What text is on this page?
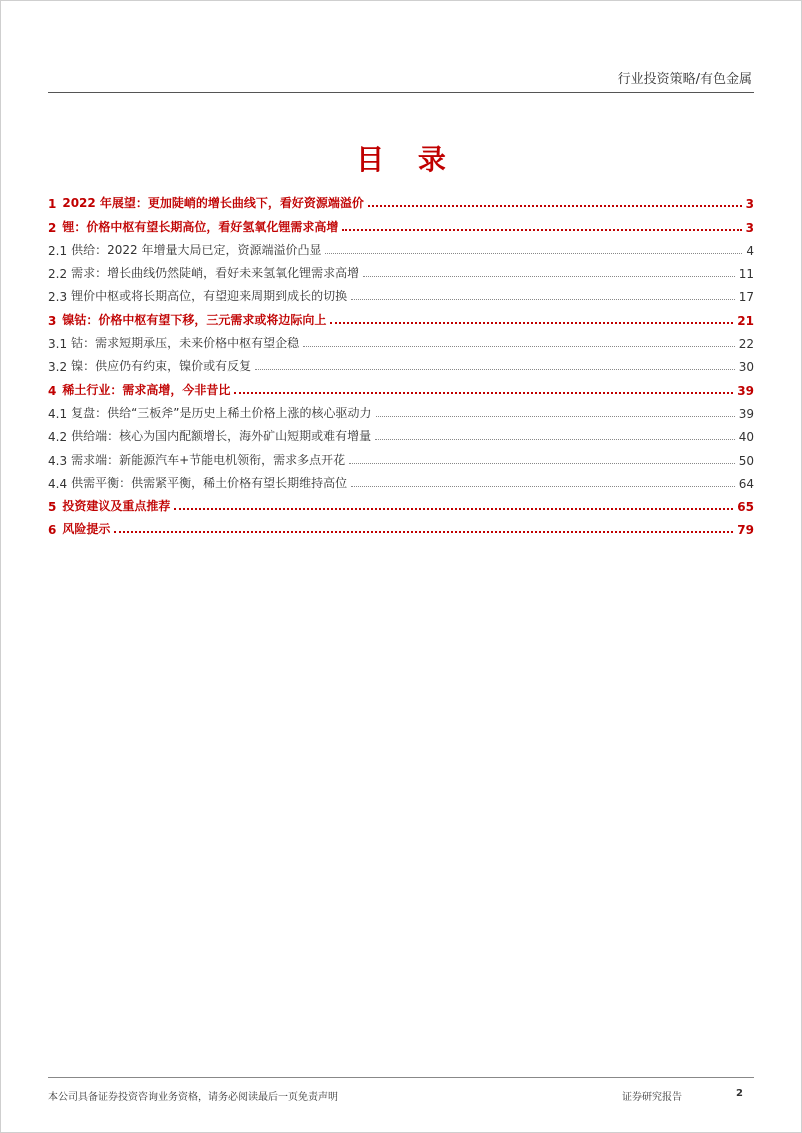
行业投资策略/有色金属
目 录
1 2022 年展望：更加陡峭的增长曲线下，看好资源端溢价	3
2 锂：价格中枢有望长期高位，看好氢氧化锂需求高增	3
2.1 供给：2022 年增量大局已定，资源端溢价凸显	4
2.2 需求：增长曲线仍然陡峭，看好未来氢氧化锂需求高增	11
2.3 锂价中枢或将长期高位，有望迎来周期到成长的切换	17
3 镍钴：价格中枢有望下移，三元需求或将边际向上	21
3.1 钴：需求短期承压，未来价格中枢有望企稳	22
3.2 镍：供应仍有约束，镍价或有反复	30
4 稀土行业：需求高增，今非昔比	39
4.1 复盘：供给“三板斧”是历史上稀土价格上涨的核心驱动力	39
4.2 供给端：核心为国内配额增长，海外矿山短期或难有增量	40
4.3 需求端：新能源汽车+节能电机领衔，需求多点开花	50
4.4 供需平衡：供需紧平衡，稀土价格有望长期维持高位	64
5 投资建议及重点推荐	65
6 风险提示	79
本公司具备证券投资咨询业务资格，请务必阅读最后一页免责声明	证券研究报告	2
